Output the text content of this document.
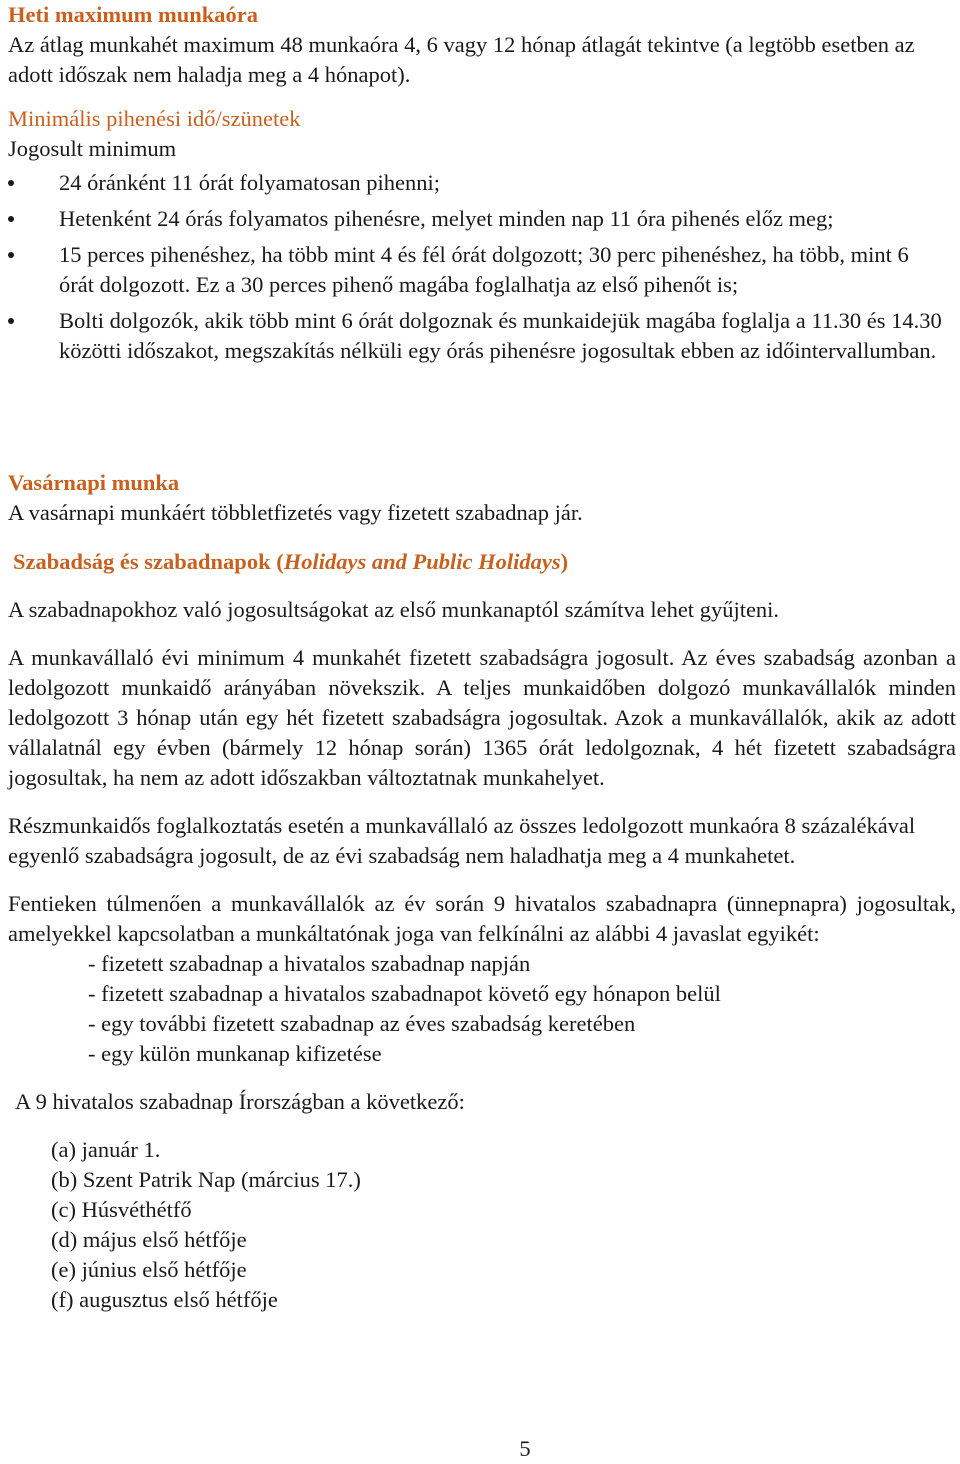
Heti maximum munkaóra

Az átlag munkahét maximum 48 munkaóra 4, 6 vagy 12 hónap átlagát tekintve (a legtöbb esetben az adott időszak nem haladja meg a 4 hónapot).

Minimális pihenési idő/szünetek

Jogosult minimum

24 óránként 11 órát folyamatosan pihenni;
Hetenként 24 órás folyamatos pihenésre, melyet minden nap 11 óra pihenés előz meg;
15 perces pihenéshez, ha több mint 4 és fél órát dolgozott; 30 perc pihenéshez, ha több, mint 6 órát dolgozott. Ez a 30 perces pihenő magába foglalhatja az első pihenőt is;
Bolti dolgozók, akik több mint 6 órát dolgoznak és munkaidejük magába foglalja a 11.30 és 14.30 közötti időszakot, megszakítás nélküli egy órás pihenésre jogosultak ebben az időintervallumban.

Vasárnapi munka

A vasárnapi munkáért többletfizetés vagy fizetett szabadnap jár.

Szabadság és szabadnapok (Holidays and Public Holidays)

A szabadnapokhoz való jogosultságokat az első munkanaptól számítva lehet gyűjteni.

A munkavállaló évi minimum 4 munkahét fizetett szabadságra jogosult. Az éves szabadság azonban a ledolgozott munkaidő arányában növekszik. A teljes munkaidőben dolgozó munkavállalók minden ledolgozott 3 hónap után egy hét fizetett szabadságra jogosultak. Azok a munkavállalók, akik az adott vállalatnál egy évben (bármely 12 hónap során) 1365 órát ledolgoznak, 4 hét fizetett szabadságra jogosultak, ha nem az adott időszakban változtatnak munkahelyet.

Részmunkaidős foglalkoztatás esetén a munkavállaló az összes ledolgozott munkaóra 8 százalékával egyenlő szabadságra jogosult, de az évi szabadság nem haladhatja meg a 4 munkahetet.

Fentieken túlmenően a munkavállalók az év során 9 hivatalos szabadnapra (ünnepnapra) jogosultak, amelyekkel kapcsolatban a munkáltatónak joga van felkínálni az alábbi 4 javaslat egyikét:

- fizetett szabadnap a hivatalos szabadnap napján
- fizetett szabadnap a hivatalos szabadnapot követő egy hónapon belül
- egy további fizetett szabadnap az éves szabadság keretében
- egy külön munkanap kifizetése

A 9 hivatalos szabadnap Írországban a következő:

(a) január 1.
(b) Szent Patrik Nap (március 17.)
(c) Húsvéthétfő
(d) május első hétfője
(e) június első hétfője
(f) augusztus első hétfője
5
